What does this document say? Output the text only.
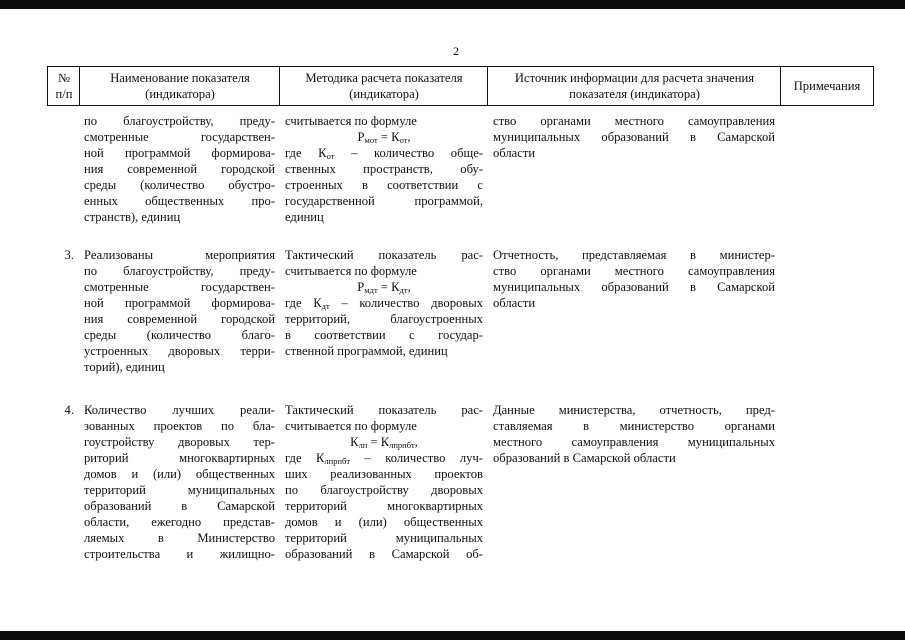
2
№ п/п
Наименование показателя (индикатора)
Методика расчета показателя (индикатора)
Источник информации для расчета значения показателя (индикатора)
Примечания
по благоустройству, преду-
смотренные государствен-
ной программой формирова-
ния современной городской
среды (количество обустро-
енных общественных про-
странств), единиц
считывается по формуле
$Р_{мот} = К_{от}$,
где $К_{от}$ – количество обще-
ственных пространств, обу-
строенных в соответствии с
государственной программой,
единиц
ство органами местного самоуправления
муниципальных образований в Самарской
области
3. Реализованы мероприятия
по благоустройству, преду-
смотренные государствен-
ной программой формирова-
ния современной городской
среды (количество благо-
устроенных дворовых терри-
торий), единиц
Тактический показатель рас-
считывается по формуле
$Р_{мдт} = К_{дт}$,
где $К_{дт}$ – количество дворовых
территорий, благоустроенных
в соответствии с государ-
ственной программой, единиц
Отчетность, представляемая в министер-
ство органами местного самоуправления
муниципальных образований в Самарской
области
4. Количество лучших реали-
зованных проектов по бла-
гоустройству дворовых тер-
риторий многоквартирных
домов и (или) общественных
территорий муниципальных
образований в Самарской
области, ежегодно представ-
ляемых в Министерство
строительства и жилищно-
Тактический показатель рас-
считывается по формуле
$К_{лп} = К_{лпрпбт}$,
где $К_{лпрпбт}$ – количество луч-
ших реализованных проектов
по благоустройству дворовых
территорий многоквартирных
домов и (или) общественных
территорий муниципальных
образований в Самарской об-
Данные министерства, отчетность, пред-
ставляемая в министерство органами
местного самоуправления муниципальных
образований в Самарской области
